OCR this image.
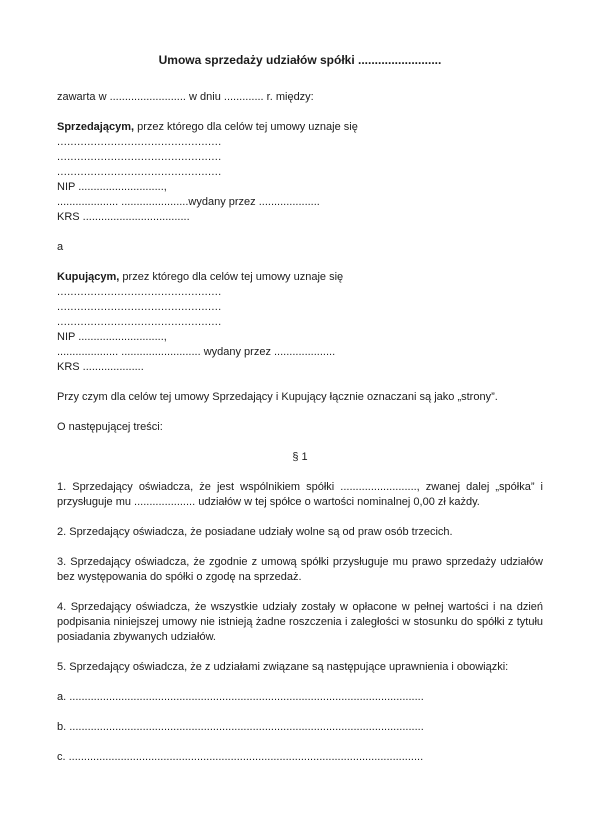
Umowa sprzedaży udziałów spółki .........................

zawarta w ......................... w dniu ............. r. między:

Sprzedającym, przez którego dla celów tej umowy uznaje się

.................................................

.................................................

.................................................

NIP ............................,

.................... ......................wydany przez ....................

KRS ...................................

a

Kupującym, przez którego dla celów tej umowy uznaje się

.................................................

.................................................

.................................................

NIP ............................,

.................... .......................... wydany przez ....................

KRS ....................

Przy czym dla celów tej umowy Sprzedający i Kupujący łącznie oznaczani są jako „strony”.

O następującej treści:

§ 1

1. Sprzedający oświadcza, że jest wspólnikiem spółki ........................., zwanej dalej „spółka” i przysługuje mu .................... udziałów w tej spółce o wartości nominalnej 0,00 zł każdy.

2. Sprzedający oświadcza, że posiadane udziały wolne są od praw osób trzecich.

3. Sprzedający oświadcza, że zgodnie z umową spółki przysługuje mu prawo sprzedaży udziałów bez występowania do spółki o zgodę na sprzedaż.

4. Sprzedający oświadcza, że wszystkie udziały zostały w opłacone w pełnej wartości i na dzień podpisania niniejszej umowy nie istnieją żadne roszczenia i zaległości w stosunku do spółki z tytułu posiadania zbywanych udziałów.

5. Sprzedający oświadcza, że z udziałami związane są następujące uprawnienia i obowiązki:

a. ....................................................................................................................

b. ....................................................................................................................

c. ....................................................................................................................
